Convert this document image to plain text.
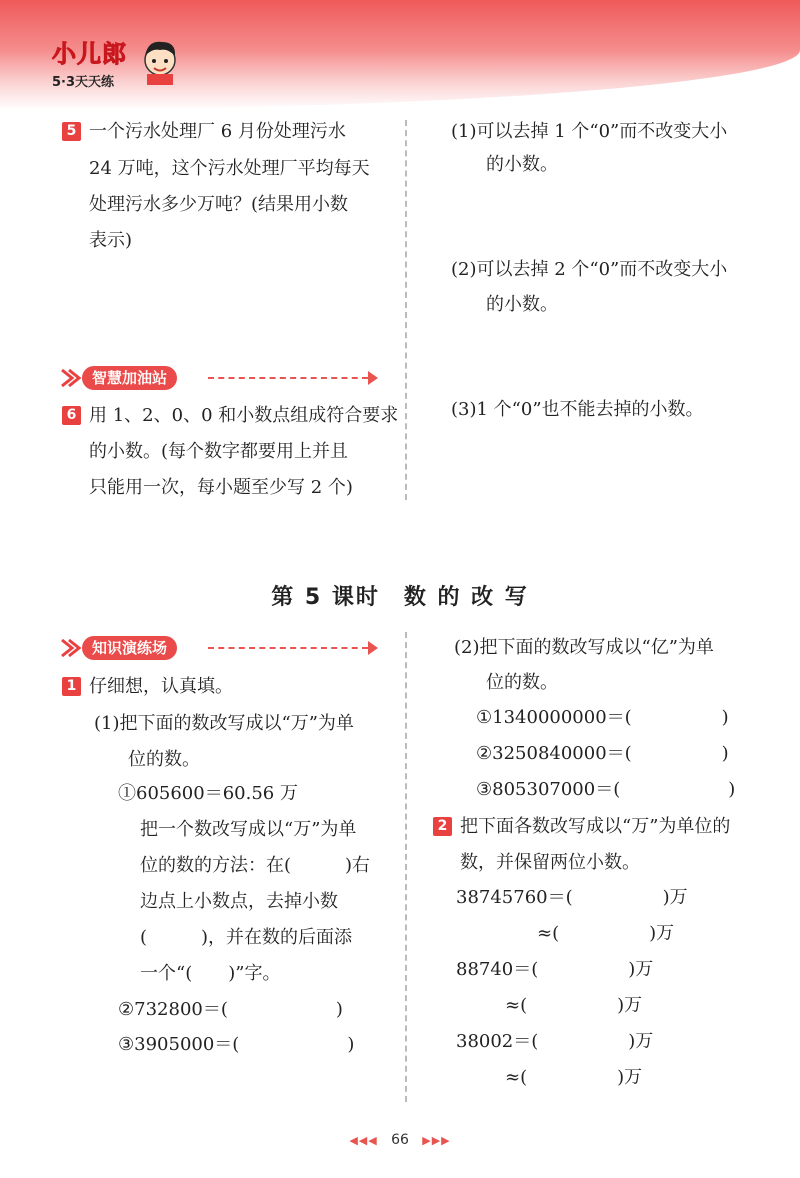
小儿郎
5·3天天练
5 一个污水处理厂 6 月份处理污水
24 万吨，这个污水处理厂平均每天
处理污水多少万吨？(结果用小数
表示)
智慧加油站
6 用 1、2、0、0 和小数点组成符合要求
的小数。(每个数字都要用上并且
只能用一次，每小题至少写 2 个)
(1)可以去掉 1 个“0”而不改变大小
的小数。
(2)可以去掉 2 个“0”而不改变大小
的小数。
(3)1 个“0”也不能去掉的小数。
第 5 课时　数 的 改 写
知识演练场
1 仔细想，认真填。
(1)把下面的数改写成以“万”为单
位的数。
①605600＝60.56 万
把一个数改写成以“万”为单
位的数的方法：在(　　　)右
边点上小数点，去掉小数
(　　　)，并在数的后面添
一个“(　　)”字。
②732800＝(　　　　　　)
③3905000＝(　　　　　　)
(2)把下面的数改写成以“亿”为单
位的数。
①1340000000＝(　　　　　)
②3250840000＝(　　　　　)
③805307000＝(　　　　　　)
2 把下面各数改写成以“万”为单位的
数，并保留两位小数。
38745760＝(　　　　　)万
≈(　　　　　)万
88740＝(　　　　　)万
≈(　　　　　)万
38002＝(　　　　　)万
≈(　　　　　)万
◀◀◀ 66 ▶▶▶
